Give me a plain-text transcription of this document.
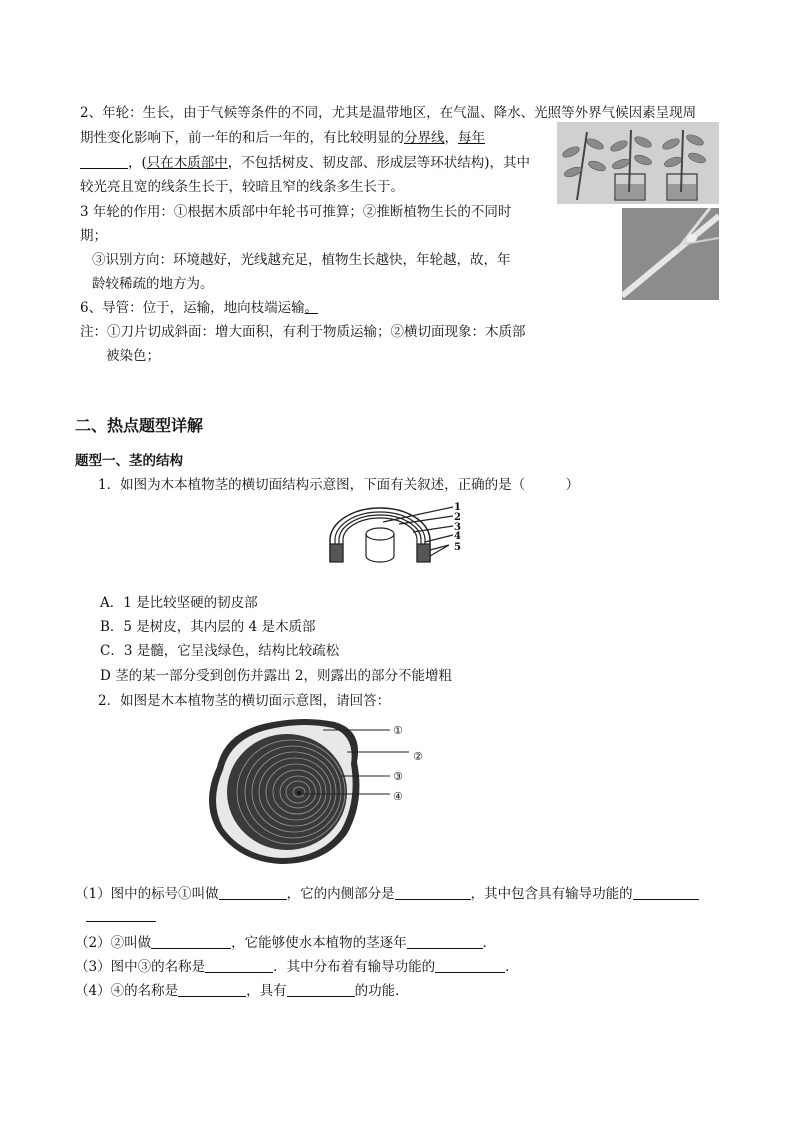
2、年轮：生长，由于气候等条件的不同，尤其是温带地区，在气温、降水、光照等外界气候因素呈现周
期性变化影响下，前一年的和后一年的，有比较明显的分界线，每年
，(只在木质部中，不包括树皮、韧皮部、形成层等环状结构)，其中
较光亮且宽的线条生长于，较暗且窄的线条多生长于。
3 年轮的作用：①根据木质部中年轮书可推算；②推断植物生长的不同时
期；
③识别方向：环境越好，光线越充足，植物生长越快，年轮越，故，年
龄较稀疏的地方为。
6、导管：位于，运输，地向枝端运输。
注：①刀片切成斜面：增大面积，有利于物质运输；②横切面现象：木质部
被染色；
二、热点题型详解
题型一、茎的结构
1．如图为木本植物茎的横切面结构示意图，下面有关叙述，正确的是（　　　）
1
2
3
4
5
A．1 是比较坚硬的韧皮部
B．5 是树皮，其内层的 4 是木质部
C．3 是髓，它呈浅绿色，结构比较疏松
D 茎的某一部分受到创伤并露出 2，则露出的部分不能增粗
2．如图是木本植物茎的横切面示意图，请回答：
①
②
③
④
（1）图中的标号①叫做	，它的内侧部分是	，其中包含具有输导功能的
（2）②叫做	，它能够使水本植物的茎逐年	．
（3）图中③的名称是	．其中分布着有输导功能的	．
（4）④的名称是	，具有	的功能．
